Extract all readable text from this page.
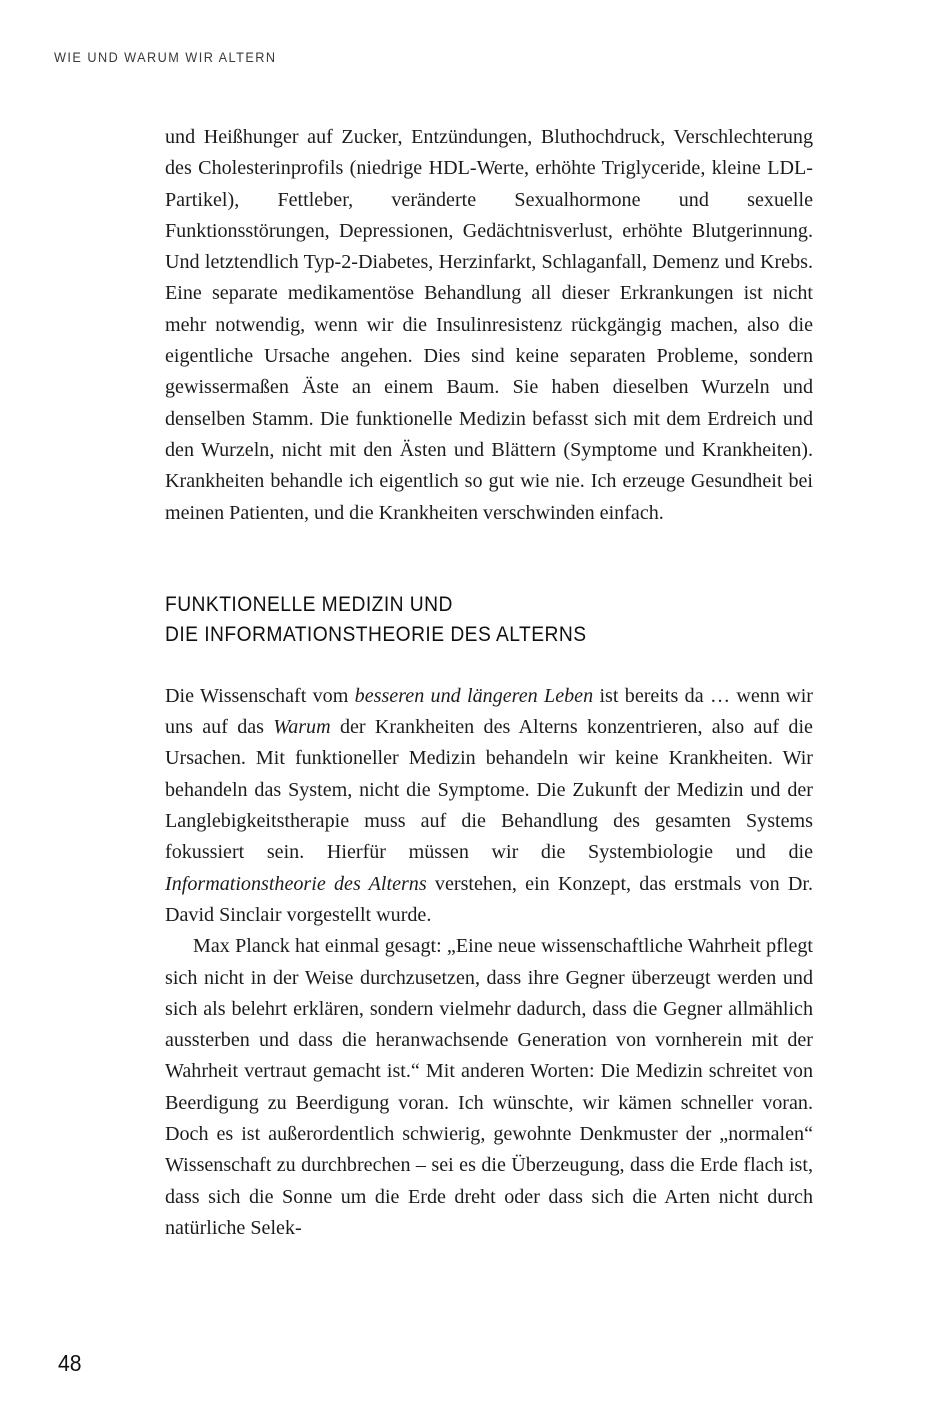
WIE UND WARUM WIR ALTERN

und Heißhunger auf Zucker, Entzündungen, Bluthochdruck, Verschlechterung des Cholesterinprofils (niedrige HDL-Werte, erhöhte Triglyceride, kleine LDL-Partikel), Fettleber, veränderte Sexualhormone und sexuelle Funktionsstörungen, Depressionen, Gedächtnisverlust, erhöhte Blutgerinnung. Und letztendlich Typ-2-Diabetes, Herzinfarkt, Schlaganfall, Demenz und Krebs. Eine separate medikamentöse Behandlung all dieser Erkrankungen ist nicht mehr notwendig, wenn wir die Insulinresistenz rückgängig machen, also die eigentliche Ursache angehen. Dies sind keine separaten Probleme, sondern gewissermaßen Äste an einem Baum. Sie haben dieselben Wurzeln und denselben Stamm. Die funktionelle Medizin befasst sich mit dem Erdreich und den Wurzeln, nicht mit den Ästen und Blättern (Symptome und Krankheiten). Krankheiten behandle ich eigentlich so gut wie nie. Ich erzeuge Gesundheit bei meinen Patienten, und die Krankheiten verschwinden einfach.

FUNKTIONELLE MEDIZIN UND
DIE INFORMATIONSTHEORIE DES ALTERNS

Die Wissenschaft vom besseren und längeren Leben ist bereits da … wenn wir uns auf das Warum der Krankheiten des Alterns konzentrieren, also auf die Ursachen. Mit funktioneller Medizin behandeln wir keine Krankheiten. Wir behandeln das System, nicht die Symptome. Die Zukunft der Medizin und der Langlebigkeitstherapie muss auf die Behandlung des gesamten Systems fokussiert sein. Hierfür müssen wir die Systembiologie und die Informationstheorie des Alterns verstehen, ein Konzept, das erstmals von Dr. David Sinclair vorgestellt wurde.

Max Planck hat einmal gesagt: „Eine neue wissenschaftliche Wahrheit pflegt sich nicht in der Weise durchzusetzen, dass ihre Gegner überzeugt werden und sich als belehrt erklären, sondern vielmehr dadurch, dass die Gegner allmählich aussterben und dass die heranwachsende Generation von vornherein mit der Wahrheit vertraut gemacht ist.“ Mit anderen Worten: Die Medizin schreitet von Beerdigung zu Beerdigung voran. Ich wünschte, wir kämen schneller voran. Doch es ist außerordentlich schwierig, gewohnte Denkmuster der „normalen“ Wissenschaft zu durchbrechen – sei es die Überzeugung, dass die Erde flach ist, dass sich die Sonne um die Erde dreht oder dass sich die Arten nicht durch natürliche Selek-

48
